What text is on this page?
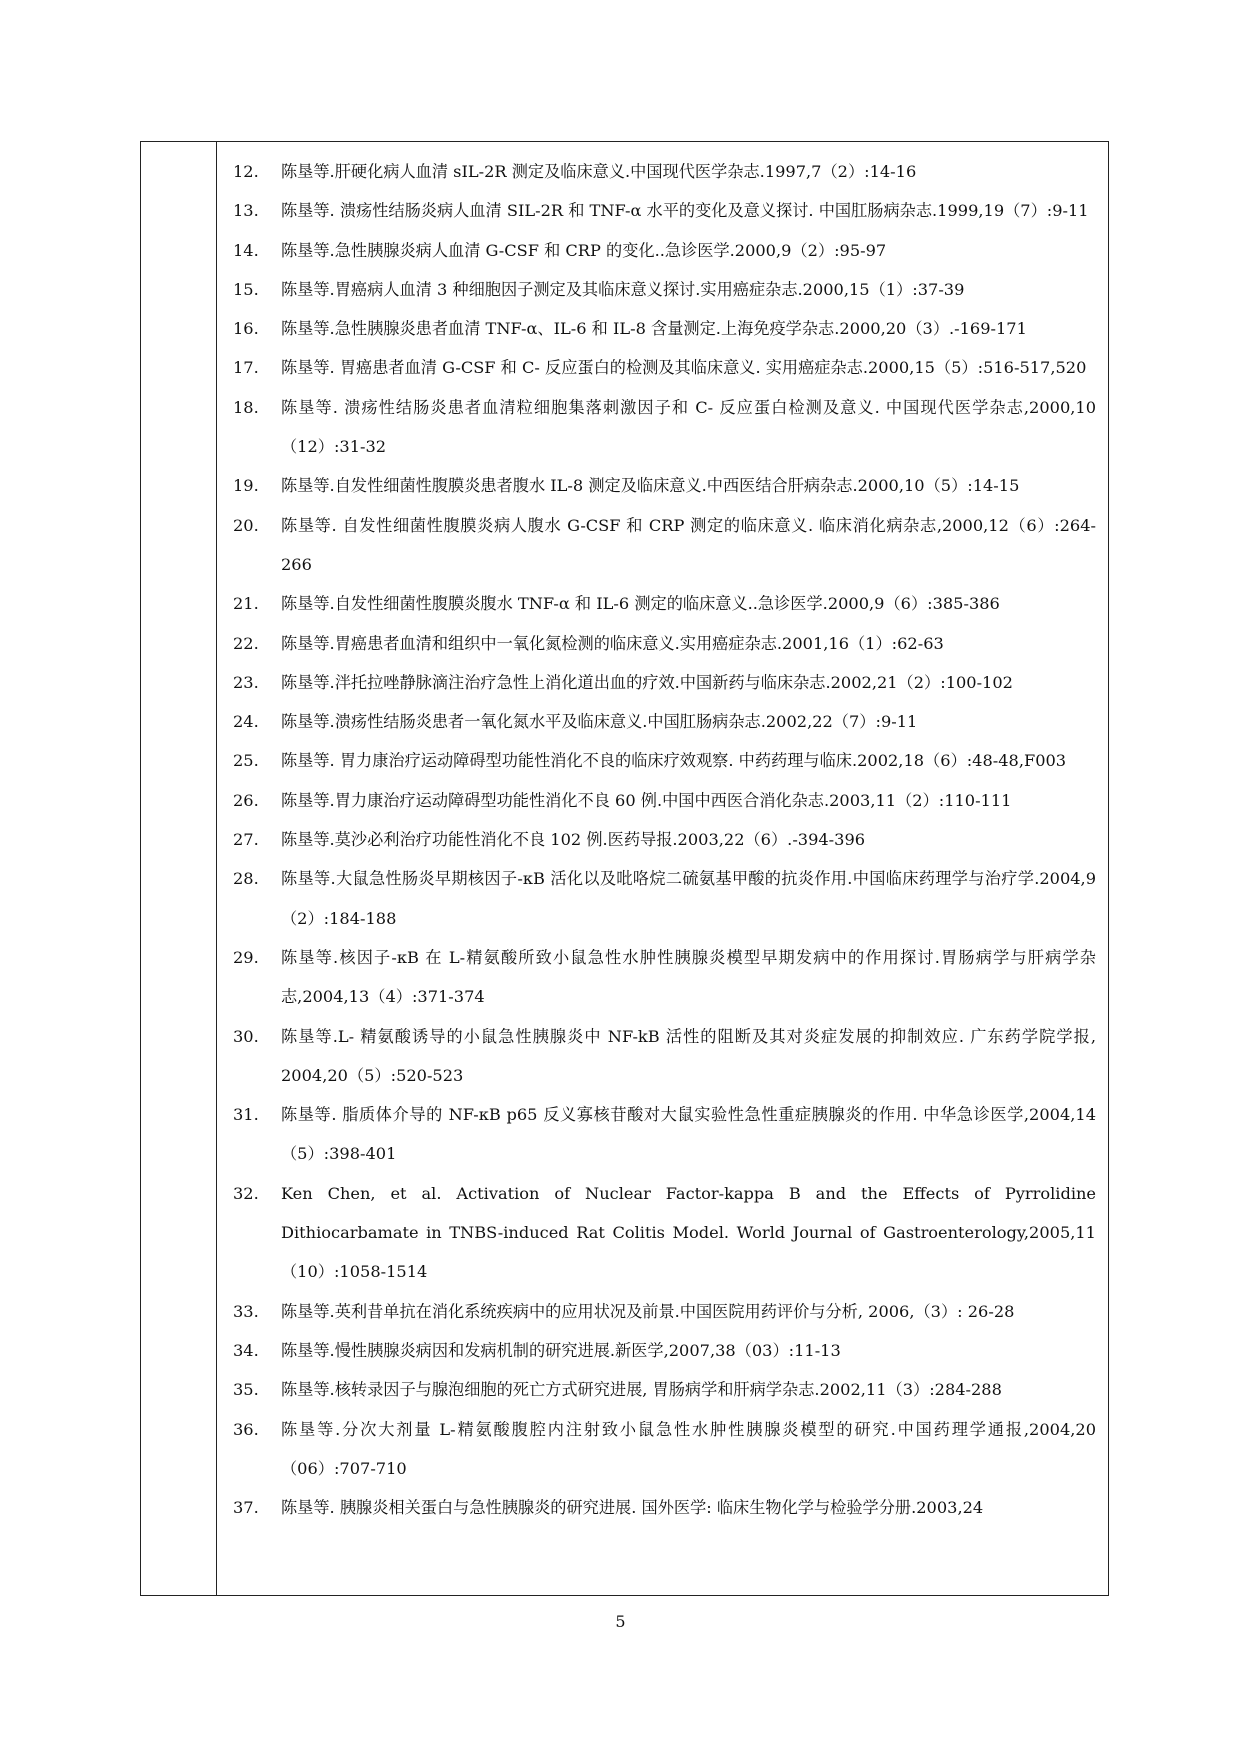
12.	陈垦等.肝硬化病人血清 sIL-2R 测定及临床意义.中国现代医学杂志.1997,7（2）:14-16
13.	陈垦等. 溃疡性结肠炎病人血清 SIL-2R 和 TNF-α 水平的变化及意义探讨. 中国肛肠病杂志.1999,19（7）:9-11
14.	陈垦等.急性胰腺炎病人血清 G-CSF 和 CRP 的变化..急诊医学.2000,9（2）:95-97
15.	陈垦等.胃癌病人血清 3 种细胞因子测定及其临床意义探讨.实用癌症杂志.2000,15（1）:37-39
16.	陈垦等.急性胰腺炎患者血清 TNF-α、IL-6 和 IL-8 含量测定.上海免疫学杂志.2000,20（3）.-169-171
17.	陈垦等. 胃癌患者血清 G-CSF 和 C- 反应蛋白的检测及其临床意义. 实用癌症杂志.2000,15（5）:516-517,520
18.	陈垦等. 溃疡性结肠炎患者血清粒细胞集落刺激因子和 C- 反应蛋白检测及意义. 中国现代医学杂志,2000,10（12）:31-32
19.	陈垦等.自发性细菌性腹膜炎患者腹水 IL-8 测定及临床意义.中西医结合肝病杂志.2000,10（5）:14-15
20.	陈垦等. 自发性细菌性腹膜炎病人腹水 G-CSF 和 CRP 测定的临床意义. 临床消化病杂志,2000,12（6）:264-266
21.	陈垦等.自发性细菌性腹膜炎腹水 TNF-α 和 IL-6 测定的临床意义..急诊医学.2000,9（6）:385-386
22.	陈垦等.胃癌患者血清和组织中一氧化氮检测的临床意义.实用癌症杂志.2001,16（1）:62-63
23.	陈垦等.泮托拉唑静脉滴注治疗急性上消化道出血的疗效.中国新药与临床杂志.2002,21（2）:100-102
24.	陈垦等.溃疡性结肠炎患者一氧化氮水平及临床意义.中国肛肠病杂志.2002,22（7）:9-11
25.	陈垦等. 胃力康治疗运动障碍型功能性消化不良的临床疗效观察. 中药药理与临床.2002,18（6）:48-48,F003
26.	陈垦等.胃力康治疗运动障碍型功能性消化不良 60 例.中国中西医合消化杂志.2003,11（2）:110-111
27.	陈垦等.莫沙必利治疗功能性消化不良 102 例.医药导报.2003,22（6）.-394-396
28.	陈垦等.大鼠急性肠炎早期核因子-κB 活化以及吡咯烷二硫氨基甲酸的抗炎作用.中国临床药理学与治疗学.2004,9（2）:184-188
29.	陈垦等.核因子-κB 在 L-精氨酸所致小鼠急性水肿性胰腺炎模型早期发病中的作用探讨.胃肠病学与肝病学杂志,2004,13（4）:371-374
30.	陈垦等.L- 精氨酸诱导的小鼠急性胰腺炎中 NF-kB 活性的阻断及其对炎症发展的抑制效应. 广东药学院学报, 2004,20（5）:520-523
31.	陈垦等. 脂质体介导的 NF-κB p65 反义寡核苷酸对大鼠实验性急性重症胰腺炎的作用. 中华急诊医学,2004,14（5）:398-401
32.	Ken Chen, et al. Activation of Nuclear Factor-kappa B and the Effects of Pyrrolidine Dithiocarbamate in TNBS-induced Rat Colitis Model. World Journal of Gastroenterology,2005,11（10）:1058-1514
33.	陈垦等.英利昔单抗在消化系统疾病中的应用状况及前景.中国医院用药评价与分析, 2006,（3）: 26-28
34.	陈垦等.慢性胰腺炎病因和发病机制的研究进展.新医学,2007,38（03）:11-13
35.	陈垦等.核转录因子与腺泡细胞的死亡方式研究进展, 胃肠病学和肝病学杂志.2002,11（3）:284-288
36.	陈垦等.分次大剂量 L-精氨酸腹腔内注射致小鼠急性水肿性胰腺炎模型的研究.中国药理学通报,2004,20（06）:707-710
37.	陈垦等. 胰腺炎相关蛋白与急性胰腺炎的研究进展. 国外医学: 临床生物化学与检验学分册.2003,24
5
